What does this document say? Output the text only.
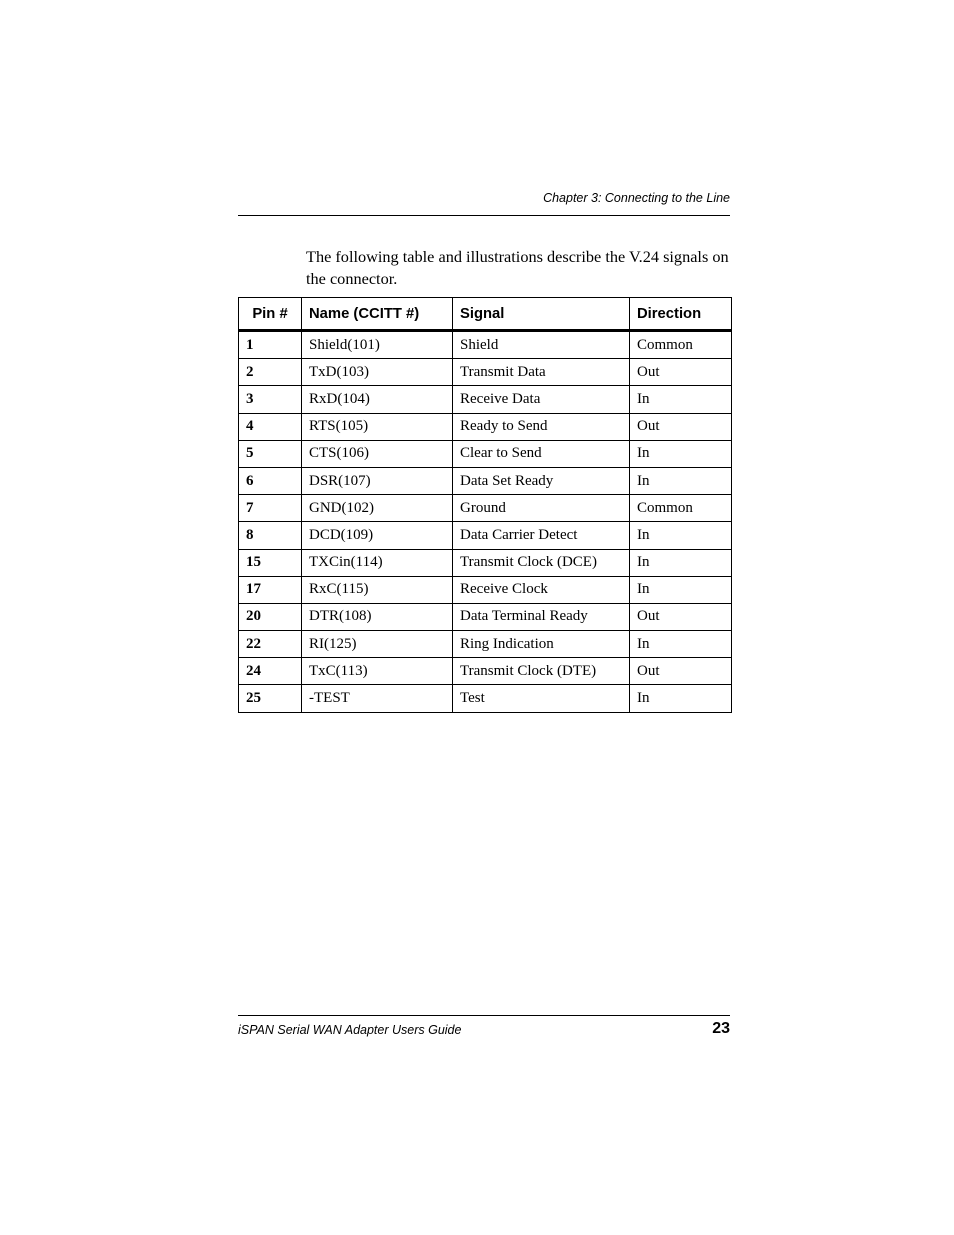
Chapter 3: Connecting to the Line

The following table and illustrations describe the V.24 signals on the connector.

Pin #	Name (CCITT #)	Signal	Direction
1	Shield(101)	Shield	Common
2	TxD(103)	Transmit Data	Out
3	RxD(104)	Receive Data	In
4	RTS(105)	Ready to Send	Out
5	CTS(106)	Clear to Send	In
6	DSR(107)	Data Set Ready	In
7	GND(102)	Ground	Common
8	DCD(109)	Data Carrier Detect	In
15	TXCin(114)	Transmit Clock (DCE)	In
17	RxC(115)	Receive Clock	In
20	DTR(108)	Data Terminal Ready	Out
22	RI(125)	Ring Indication	In
24	TxC(113)	Transmit Clock (DTE)	Out
25	-TEST	Test	In
iSPAN Serial WAN Adapter Users Guide	23
